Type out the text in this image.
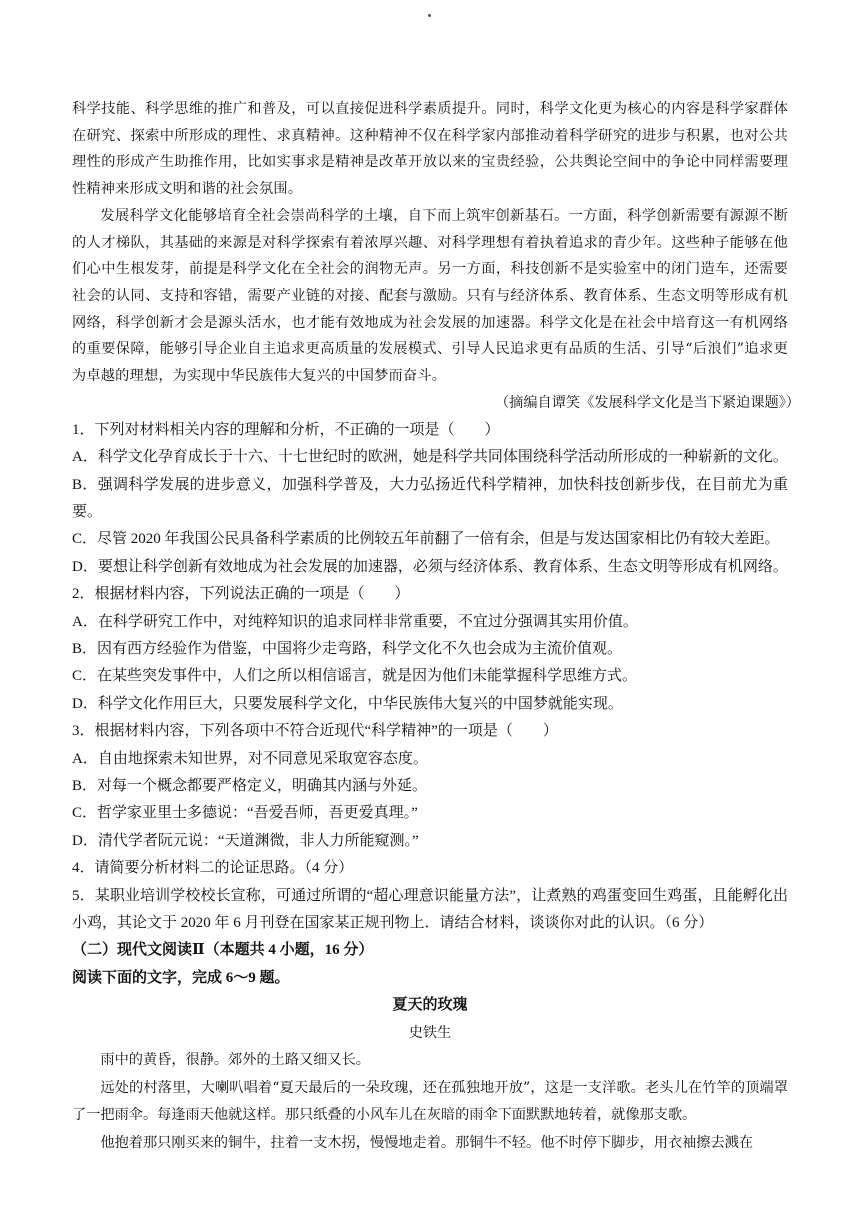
科学技能、科学思维的推广和普及，可以直接促进科学素质提升。同时，科学文化更为核心的内容是科学家群体在研究、探索中所形成的理性、求真精神。这种精神不仅在科学家内部推动着科学研究的进步与积累，也对公共理性的形成产生助推作用，比如实事求是精神是改革开放以来的宝贵经验，公共舆论空间中的争论中同样需要理性精神来形成文明和谐的社会氛围。

发展科学文化能够培育全社会崇尚科学的土壤，自下而上筑牢创新基石。一方面，科学创新需要有源源不断的人才梯队，其基础的来源是对科学探索有着浓厚兴趣、对科学理想有着执着追求的青少年。这些种子能够在他们心中生根发芽，前提是科学文化在全社会的润物无声。另一方面，科技创新不是实验室中的闭门造车，还需要社会的认同、支持和容错，需要产业链的对接、配套与激励。只有与经济体系、教育体系、生态文明等形成有机网络，科学创新才会是源头活水，也才能有效地成为社会发展的加速器。科学文化是在社会中培育这一有机网络的重要保障，能够引导企业自主追求更高质量的发展模式、引导人民追求更有品质的生活、引导“后浪们”追求更为卓越的理想，为实现中华民族伟大复兴的中国梦而奋斗。

（摘编自谭笑《发展科学文化是当下紧迫课题》）

1．下列对材料相关内容的理解和分析，不正确的一项是（　　）

A．科学文化孕育成长于十六、十七世纪时的欧洲，她是科学共同体围绕科学活动所形成的一种崭新的文化。

B．强调科学发展的进步意义，加强科学普及，大力弘扬近代科学精神，加快科技创新步伐，在目前尤为重要。

C．尽管 2020 年我国公民具备科学素质的比例较五年前翻了一倍有余，但是与发达国家相比仍有较大差距。

D．要想让科学创新有效地成为社会发展的加速器，必须与经济体系、教育体系、生态文明等形成有机网络。

2．根据材料内容，下列说法正确的一项是（　　）

A．在科学研究工作中，对纯粹知识的追求同样非常重要，不宜过分强调其实用价值。

B．因有西方经验作为借鉴，中国将少走弯路，科学文化不久也会成为主流价值观。

C．在某些突发事件中，人们之所以相信谣言，就是因为他们未能掌握科学思维方式。

D．科学文化作用巨大，只要发展科学文化，中华民族伟大复兴的中国梦就能实现。

3．根据材料内容，下列各项中不符合近现代“科学精神”的一项是（　　）

A．自由地探索未知世界，对不同意见采取宽容态度。

B．对每一个概念都要严格定义，明确其内涵与外延。

C．哲学家亚里士多德说：“吾爱吾师，吾更爱真理。”

D．清代学者阮元说：“天道渊微，非人力所能窥测。”

4．请简要分析材料二的论证思路。（4 分）

5．某职业培训学校校长宣称，可通过所谓的“超心理意识能量方法”，让煮熟的鸡蛋变回生鸡蛋，且能孵化出小鸡，其论文于 2020 年 6 月刊登在国家某正规刊物上．请结合材料，谈谈你对此的认识。（6 分）

（二）现代文阅读Ⅱ（本题共 4 小题，16 分）

阅读下面的文字，完成 6～9 题。

夏天的玫瑰

史铁生

雨中的黄昏，很静。郊外的土路又细又长。

远处的村落里，大喇叭唱着“夏天最后的一朵玫瑰，还在孤独地开放”，这是一支洋歌。老头儿在竹竿的顶端罩了一把雨伞。每逢雨天他就这样。那只纸叠的小风车儿在灰暗的雨伞下面默默地转着，就像那支歌。

他抱着那只刚买来的铜牛，拄着一支木拐，慢慢地走着。那铜牛不轻。他不时停下脚步，用衣袖擦去溅在
